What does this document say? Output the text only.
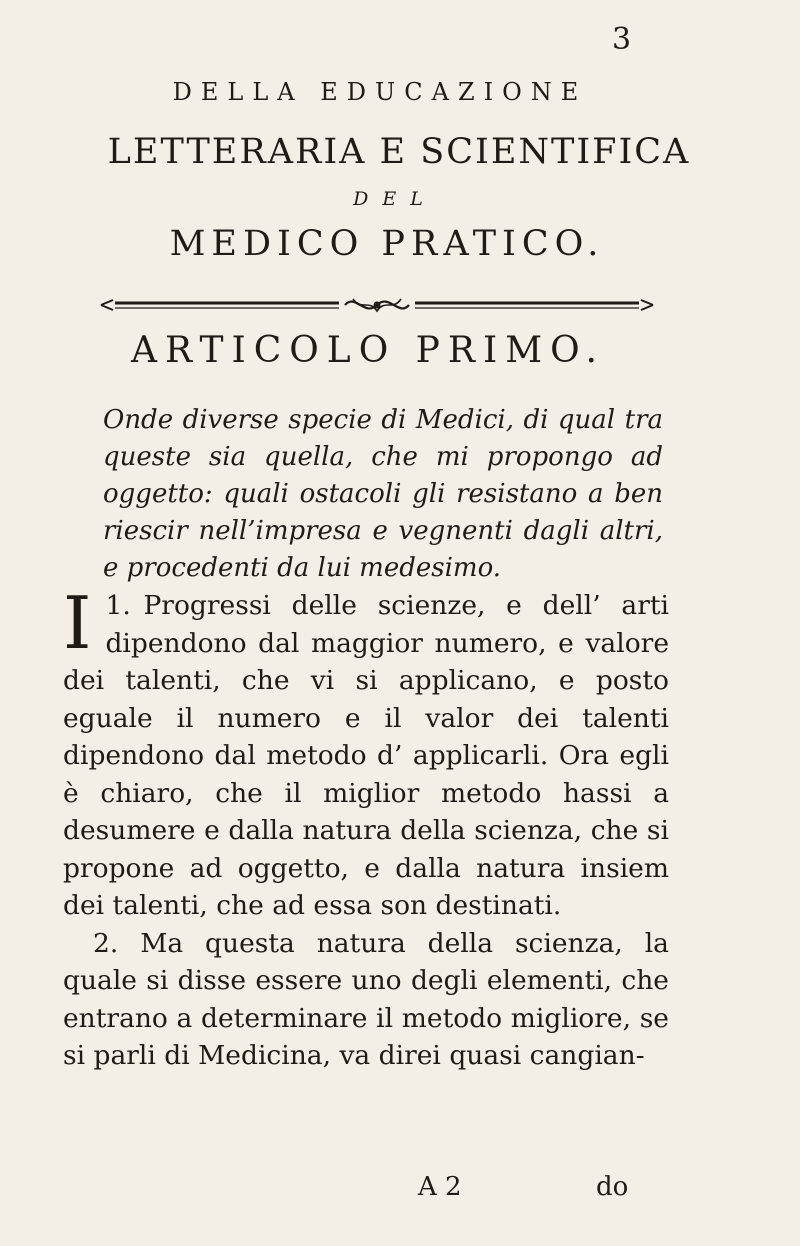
3
DELLA EDUCAZIONE
LETTERARIA E SCIENTIFICA
DEL
MEDICO PRATICO.
ARTICOLO PRIMO.
Onde diverse specie di Medici, di qual tra queste sia quella, che mi propongo ad oggetto: quali ostacoli gli resistano a ben riescir nell’impresa e vegnenti dagli altri, e procedenti da lui medesimo.

1.
I Progressi delle scienze, e dell’ arti dipendono dal maggior numero, e valore dei talenti, che vi si applicano, e posto eguale il numero e il valor dei talenti dipendono dal metodo d’ applicarli. Ora egli è chiaro, che il miglior metodo hassi a desumere e dalla natura della scienza, che si propone ad oggetto, e dalla natura insiem dei talenti, che ad essa son destinati.

2. Ma questa natura della scienza, la quale si disse essere uno degli elementi, che entrano a determinare il metodo migliore, se si parli di Medicina, va direi quasi cangian-

A 2	do
